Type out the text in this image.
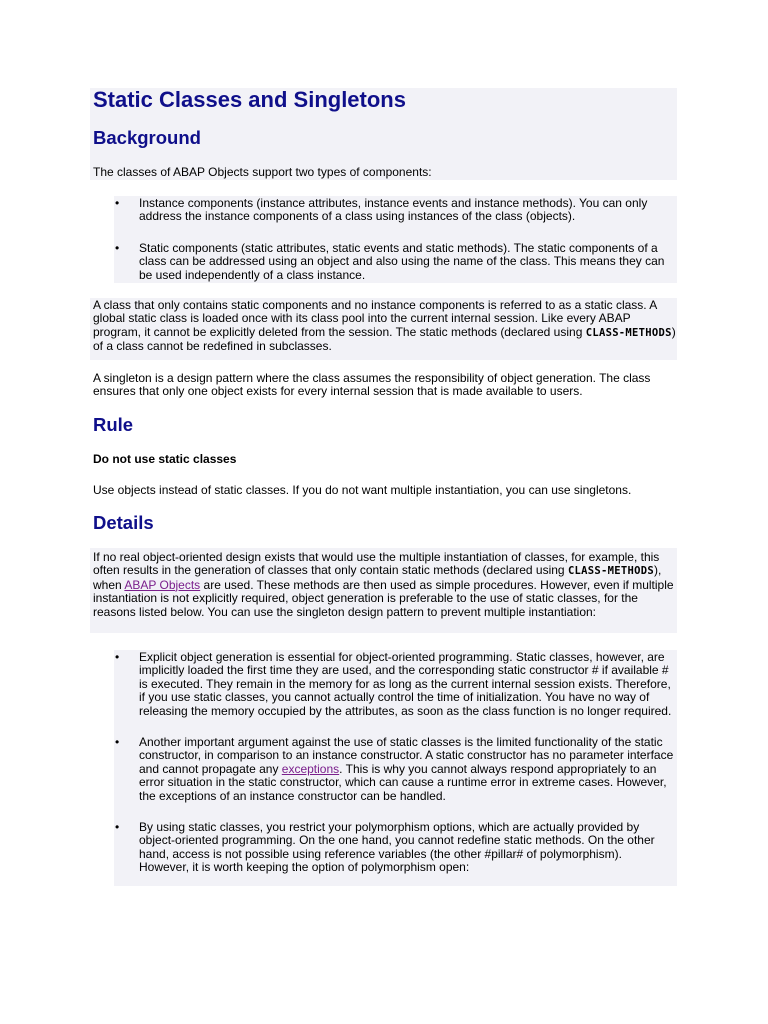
Static Classes and Singletons
Background

The classes of ABAP Objects support two types of components:

•	Instance components (instance attributes, instance events and instance methods). You can only address the instance components of a class using instances of the class (objects).
•	Static components (static attributes, static events and static methods). The static components of a class can be addressed using an object and also using the name of the class. This means they can be used independently of a class instance.

A class that only contains static components and no instance components is referred to as a static class. A global static class is loaded once with its class pool into the current internal session. Like every ABAP program, it cannot be explicitly deleted from the session. The static methods (declared using CLASS-METHODS) of a class cannot be redefined in subclasses.

A singleton is a design pattern where the class assumes the responsibility of object generation. The class ensures that only one object exists for every internal session that is made available to users.

Rule

Do not use static classes

Use objects instead of static classes. If you do not want multiple instantiation, you can use singletons.

Details

If no real object-oriented design exists that would use the multiple instantiation of classes, for example, this often results in the generation of classes that only contain static methods (declared using CLASS-METHODS), when ABAP Objects are used. These methods are then used as simple procedures. However, even if multiple instantiation is not explicitly required, object generation is preferable to the use of static classes, for the reasons listed below. You can use the singleton design pattern to prevent multiple instantiation:

•	Explicit object generation is essential for object-oriented programming. Static classes, however, are implicitly loaded the first time they are used, and the corresponding static constructor # if available # is executed. They remain in the memory for as long as the current internal session exists. Therefore, if you use static classes, you cannot actually control the time of initialization. You have no way of releasing the memory occupied by the attributes, as soon as the class function is no longer required.
•	Another important argument against the use of static classes is the limited functionality of the static constructor, in comparison to an instance constructor. A static constructor has no parameter interface and cannot propagate any exceptions. This is why you cannot always respond appropriately to an error situation in the static constructor, which can cause a runtime error in extreme cases. However, the exceptions of an instance constructor can be handled.
•	By using static classes, you restrict your polymorphism options, which are actually provided by object-oriented programming. On the one hand, you cannot redefine static methods. On the other hand, access is not possible using reference variables (the other #pillar# of polymorphism). However, it is worth keeping the option of polymorphism open:
